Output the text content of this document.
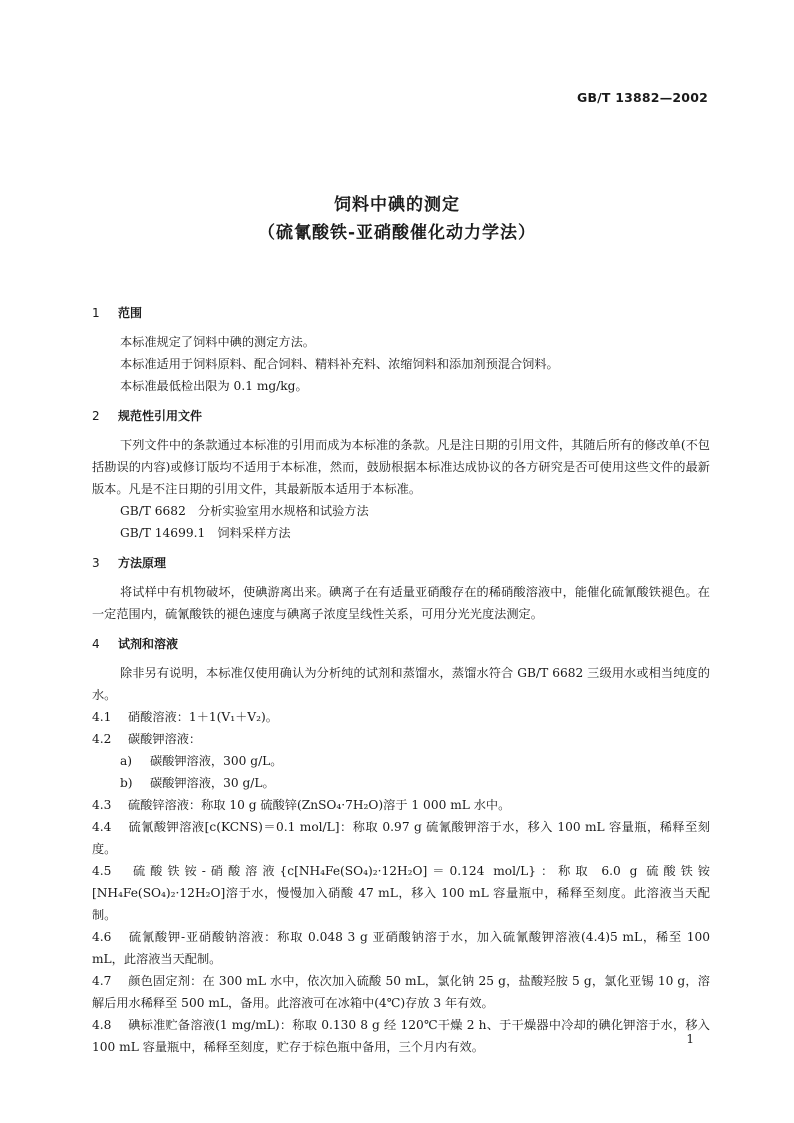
GB/T 13882—2002
饲料中碘的测定
（硫氰酸铁-亚硝酸催化动力学法）
1 范围

本标准规定了饲料中碘的测定方法。

本标准适用于饲料原料、配合饲料、精料补充料、浓缩饲料和添加剂预混合饲料。

本标准最低检出限为 0.1 mg/kg。

2 规范性引用文件

下列文件中的条款通过本标准的引用而成为本标准的条款。凡是注日期的引用文件，其随后所有的修改单(不包括勘误的内容)或修订版均不适用于本标准，然而，鼓励根据本标准达成协议的各方研究是否可使用这些文件的最新版本。凡是不注日期的引用文件，其最新版本适用于本标准。

GB/T 6682　分析实验室用水规格和试验方法

GB/T 14699.1　饲料采样方法

3 方法原理

将试样中有机物破坏，使碘游离出来。碘离子在有适量亚硝酸存在的稀硝酸溶液中，能催化硫氰酸铁褪色。在一定范围内，硫氰酸铁的褪色速度与碘离子浓度呈线性关系，可用分光光度法测定。

4 试剂和溶液

除非另有说明，本标准仅使用确认为分析纯的试剂和蒸馏水，蒸馏水符合 GB/T 6682 三级用水或相当纯度的水。

4.1 硝酸溶液：1＋1(V₁＋V₂)。

4.2 碳酸钾溶液：

a) 碳酸钾溶液，300 g/L。

b) 碳酸钾溶液，30 g/L。

4.3 硫酸锌溶液：称取 10 g 硫酸锌(ZnSO₄·7H₂O)溶于 1 000 mL 水中。

4.4 硫氰酸钾溶液[c(KCNS)＝0.1 mol/L]：称取 0.97 g 硫氰酸钾溶于水，移入 100 mL 容量瓶，稀释至刻度。

4.5 硫酸铁铵-硝酸溶液{c[NH₄Fe(SO₄)₂·12H₂O]＝0.124 mol/L}：称取 6.0 g 硫酸铁铵[NH₄Fe(SO₄)₂·12H₂O]溶于水，慢慢加入硝酸 47 mL，移入 100 mL 容量瓶中，稀释至刻度。此溶液当天配制。

4.6 硫氰酸钾-亚硝酸钠溶液：称取 0.048 3 g 亚硝酸钠溶于水，加入硫氰酸钾溶液(4.4)5 mL，稀至 100 mL，此溶液当天配制。

4.7 颜色固定剂：在 300 mL 水中，依次加入硫酸 50 mL，氯化钠 25 g，盐酸羟胺 5 g，氯化亚锡 10 g，溶解后用水稀释至 500 mL，备用。此溶液可在冰箱中(4℃)存放 3 年有效。

4.8 碘标准贮备溶液(1 mg/mL)：称取 0.130 8 g 经 120℃干燥 2 h、于干燥器中冷却的碘化钾溶于水，移入 100 mL 容量瓶中，稀释至刻度，贮存于棕色瓶中备用，三个月内有效。

1
